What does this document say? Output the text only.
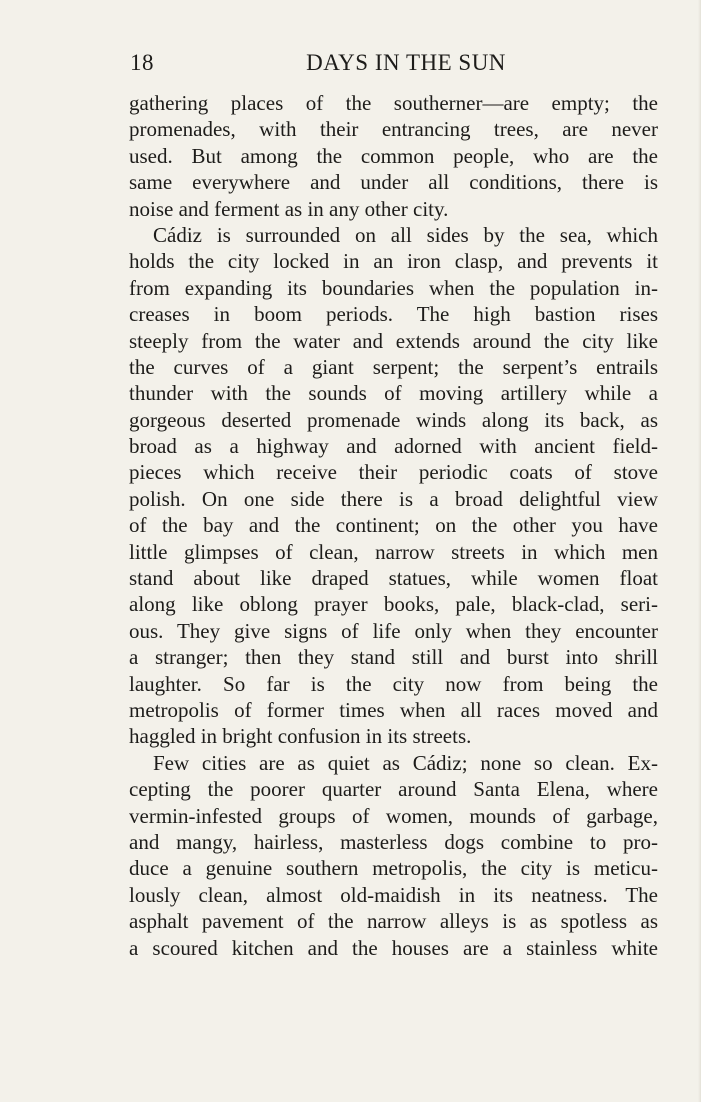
18	DAYS IN THE SUN
gathering places of the southerner—are empty; the
promenades, with their entrancing trees, are never
used. But among the common people, who are the
same everywhere and under all conditions, there is
noise and ferment as in any other city.
Cádiz is surrounded on all sides by the sea, which
holds the city locked in an iron clasp, and prevents it
from expanding its boundaries when the population in-
creases in boom periods. The high bastion rises
steeply from the water and extends around the city like
the curves of a giant serpent; the serpent’s entrails
thunder with the sounds of moving artillery while a
gorgeous deserted promenade winds along its back, as
broad as a highway and adorned with ancient field-
pieces which receive their periodic coats of stove
polish. On one side there is a broad delightful view
of the bay and the continent; on the other you have
little glimpses of clean, narrow streets in which men
stand about like draped statues, while women float
along like oblong prayer books, pale, black-clad, seri-
ous. They give signs of life only when they encounter
a stranger; then they stand still and burst into shrill
laughter. So far is the city now from being the
metropolis of former times when all races moved and
haggled in bright confusion in its streets.
Few cities are as quiet as Cádiz; none so clean. Ex-
cepting the poorer quarter around Santa Elena, where
vermin-infested groups of women, mounds of garbage,
and mangy, hairless, masterless dogs combine to pro-
duce a genuine southern metropolis, the city is meticu-
lously clean, almost old-maidish in its neatness. The
asphalt pavement of the narrow alleys is as spotless as
a scoured kitchen and the houses are a stainless white
